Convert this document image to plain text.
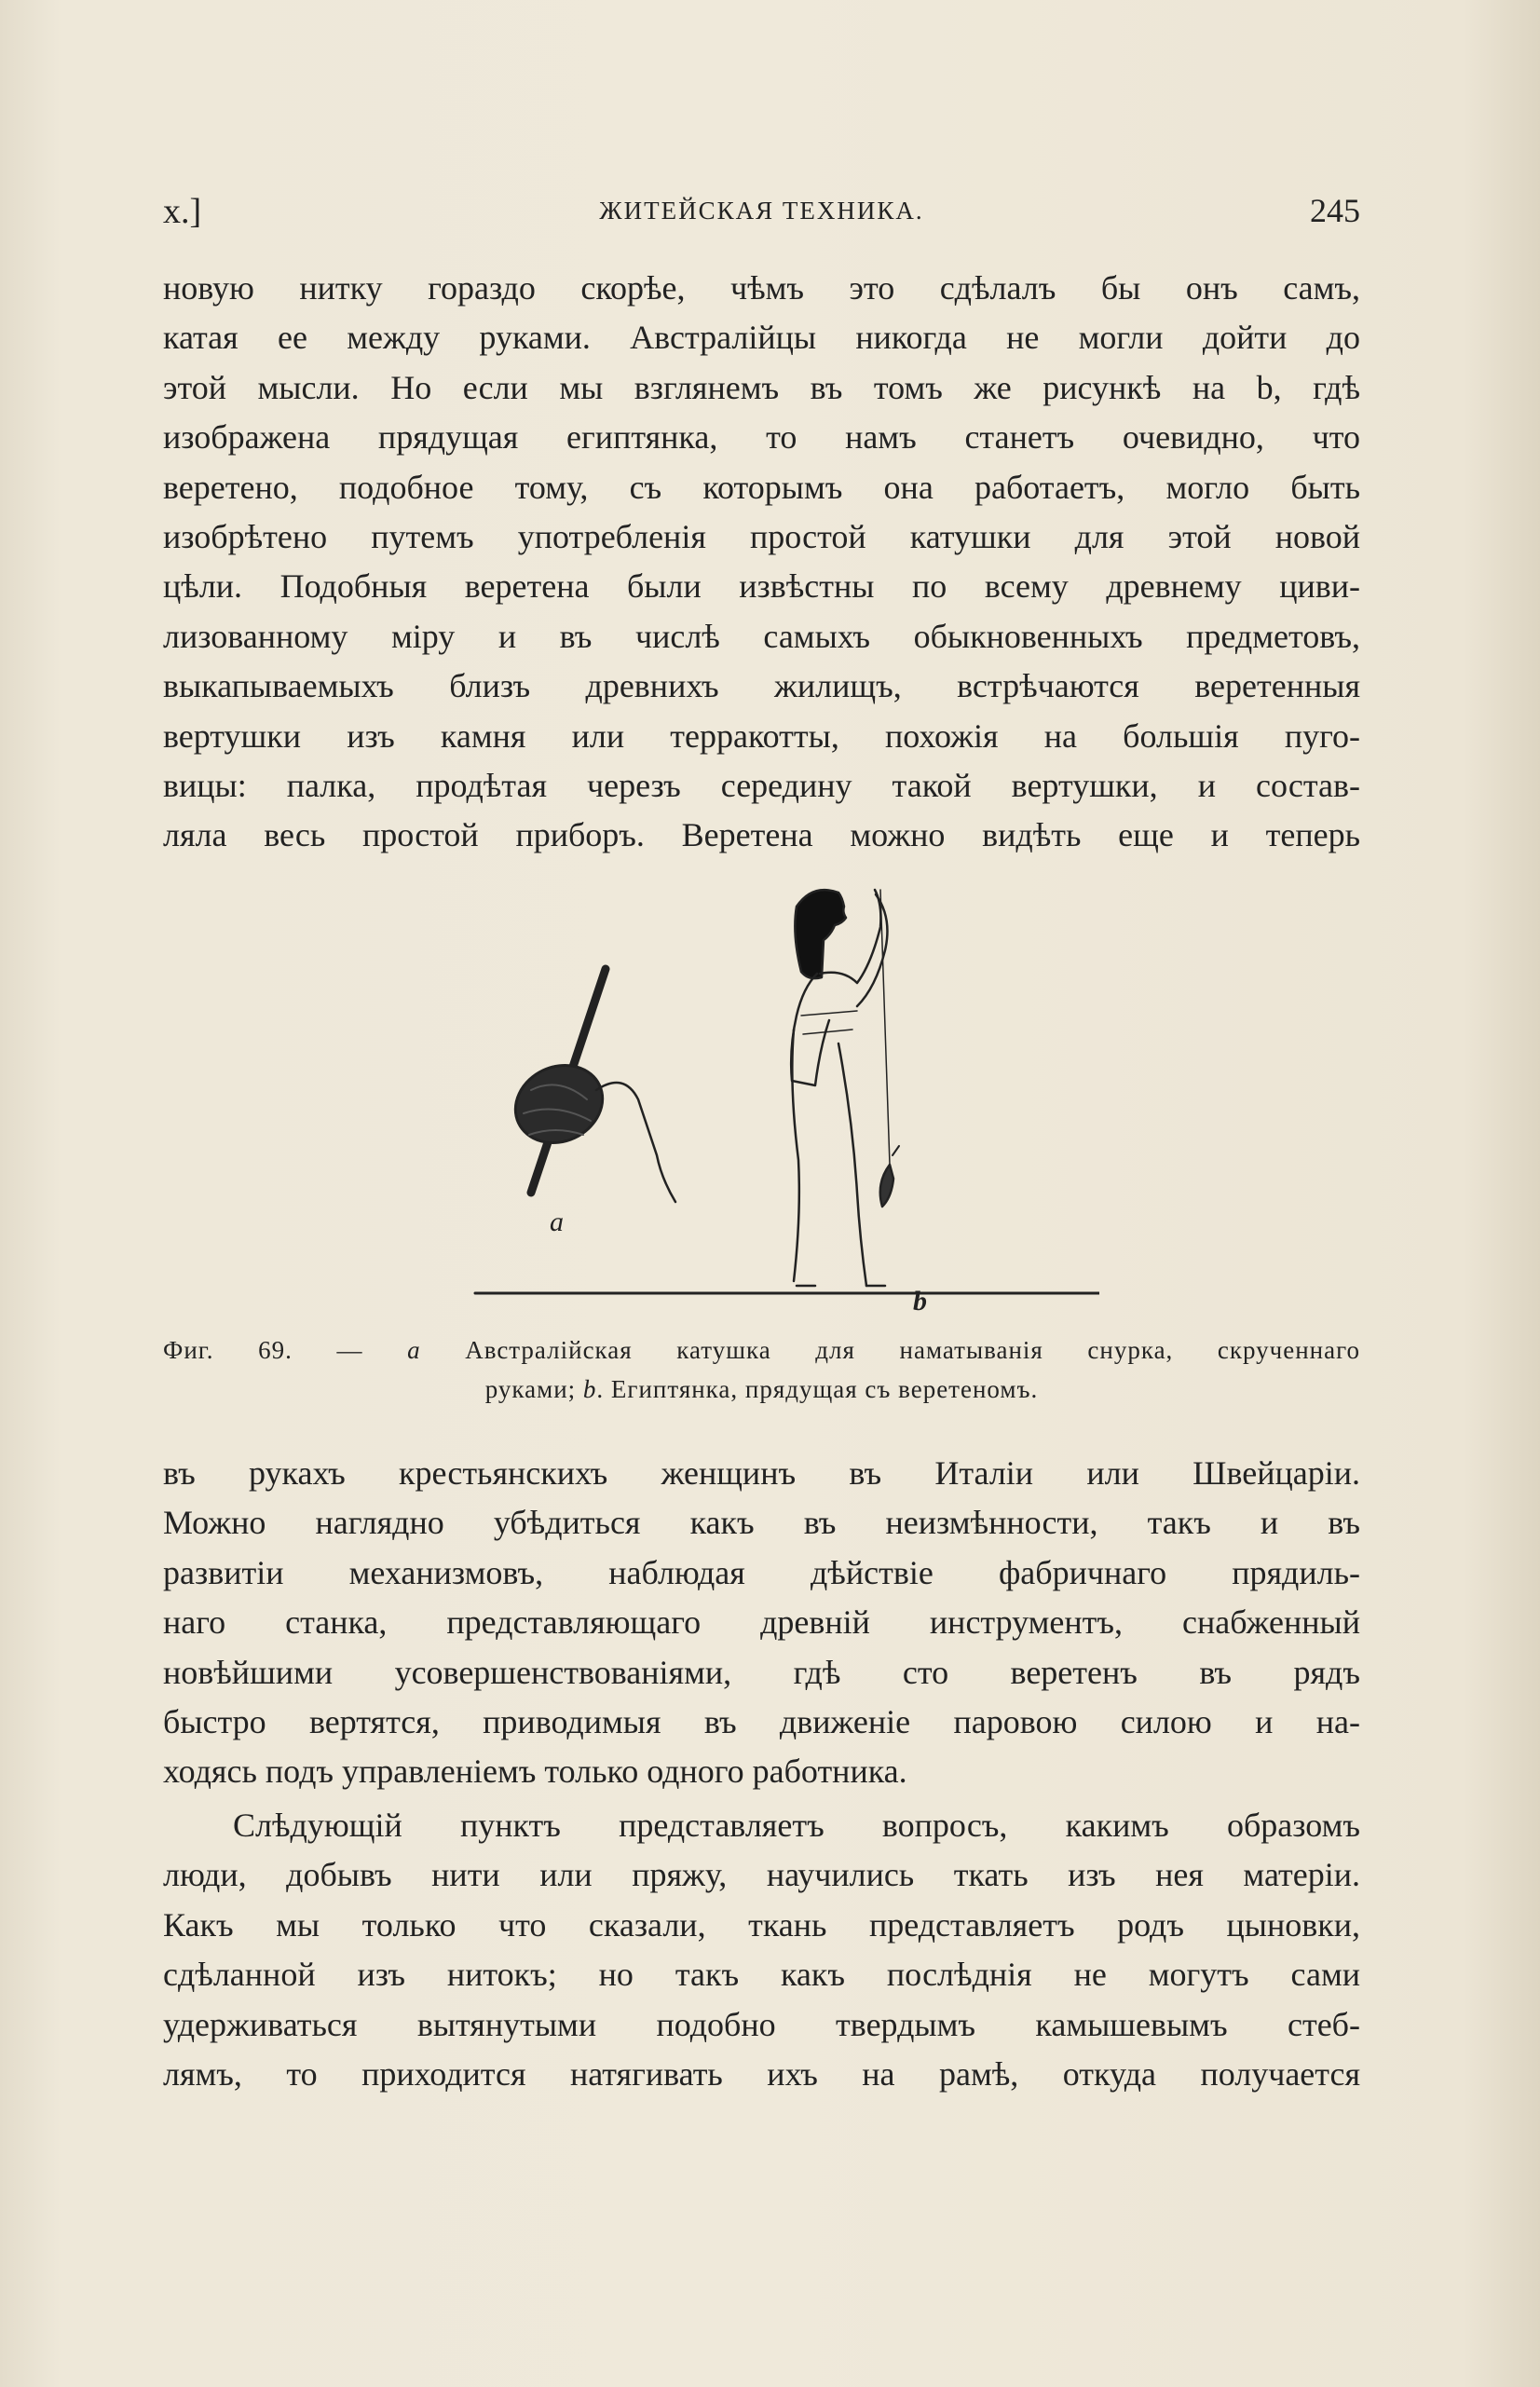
x.]	ЖИТЕЙСКАЯ ТЕХНИКА.	245
новую нитку гораздо скорѣе, чѣмъ это сдѣлалъ бы онъ самъ,
катая ее между руками. Австралійцы никогда не могли дойти до
этой мысли. Но если мы взглянемъ въ томъ же рисункѣ на b, гдѣ
изображена прядущая египтянка, то намъ станетъ очевидно, что
веретено, подобное тому, съ которымъ она работаетъ, могло быть
изобрѣтено путемъ употребленія простой катушки для этой новой
цѣли. Подобныя веретена были извѣстны по всему древнему циви-
лизованному міру и въ числѣ самыхъ обыкновенныхъ предметовъ,
выкапываемыхъ близъ древнихъ жилищъ, встрѣчаются веретенныя
вертушки изъ камня или терракотты, похожія на большія пуго-
вицы: палка, продѣтая черезъ середину такой вертушки, и состав-
ляла весь простой приборъ. Веретена можно видѣть еще и теперь
a
b
Фиг. 69. — a Австралійская катушка для наматыванія снурка, скрученнаго
руками; b. Египтянка, прядущая съ веретеномъ.
въ рукахъ крестьянскихъ женщинъ въ Италіи или Швейцаріи.
Можно наглядно убѣдиться какъ въ неизмѣнности, такъ и въ
развитіи механизмовъ, наблюдая дѣйствіе фабричнаго прядиль-
наго станка, представляющаго древній инструментъ, снабженный
новѣйшими усовершенствованіями, гдѣ сто веретенъ въ рядъ
быстро вертятся, приводимыя въ движеніе паровою силою и на-
ходясь подъ управленіемъ только одного работника.
Слѣдующій пунктъ представляетъ вопросъ, какимъ образомъ
люди, добывъ нити или пряжу, научились ткать изъ нея матеріи.
Какъ мы только что сказали, ткань представляетъ родъ цыновки,
сдѣланной изъ нитокъ; но такъ какъ послѣднія не могутъ сами
удерживаться вытянутыми подобно твердымъ камышевымъ стеб-
лямъ, то приходится натягивать ихъ на рамѣ, откуда получается
